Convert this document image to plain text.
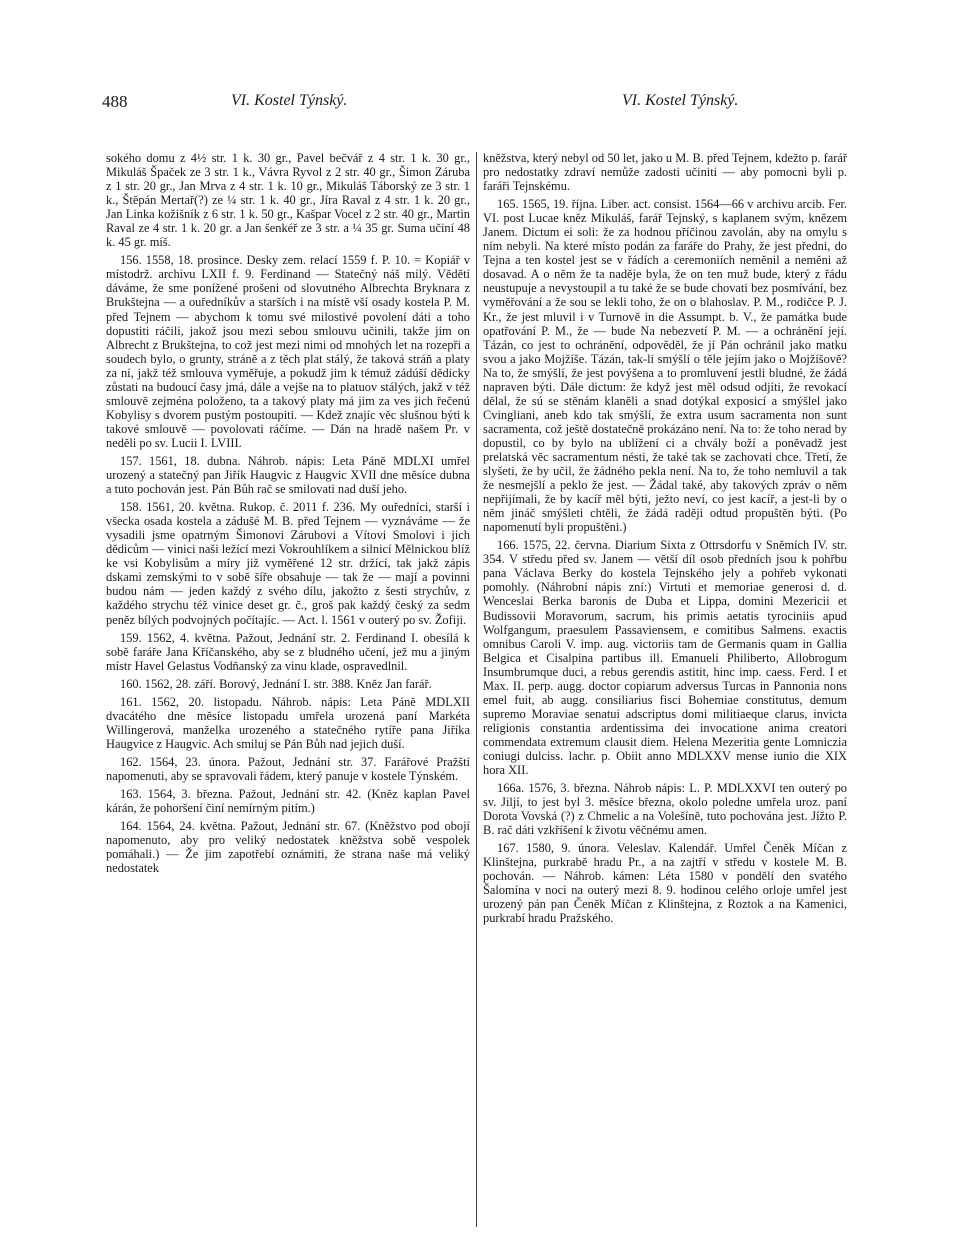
488	VI. Kostel Týnský.	VI. Kostel Týnský.

sokého domu z 4½ str. 1 k. 30 gr., Pavel bečvář z 4 str. 1 k. 30 gr., Mikuláš Špaček ze 3 str. 1 k., Vávra Ryvol z 2 str. 40 gr., Šimon Záruba z 1 str. 20 gr., Jan Mrva z 4 str. 1 k. 10 gr., Mikuláš Táborský ze 3 str. 1 k., Štěpán Mertař(?) ze ¼ str. 1 k. 40 gr., Jíra Raval z 4 str. 1 k. 20 gr., Jan Linka kožišník z 6 str. 1 k. 50 gr., Kašpar Vocel z 2 str. 40 gr., Martin Raval ze 4 str. 1 k. 20 gr. a Jan šenkéř ze 3 str. a ¼ 35 gr. Suma učiní 48 k. 45 gr. míš.

156. 1558, 18. prosince. Desky zem. relací 1559 f. P. 10. = Kopiář v místodrž. archivu LXII f. 9. Ferdinand — Statečný náš milý. Vědětí dáváme, že sme ponížené prošeni od slovutného Albrechta Bryknara z Brukštejna — a ouředníkův a starších i na místě vší osady kostela P. M. před Tejnem — abychom k tomu své milostivé povolení dáti a toho dopustiti ráčili, jakož jsou mezi sebou smlouvu učinili, takže jim on Albrecht z Brukštejna, to což jest mezi nimi od mnohých let na rozepři a soudech bylo, o grunty, stráně a z těch plat stálý, že taková stráň a platy za ní, jakž též smlouva vyměřuje, a pokudž jim k témuž zádúší dědicky zůstati na budoucí časy jmá, dále a vejše na to platuov stálých, jakž v též smlouvě zejména položeno, ta a takový platy má jim za ves jich řečenú Kobylisy s dvorem pustým postoupiti. — Kdež znajíc věc slušnou býti k takové smlouvě — povolovati ráčíme. — Dán na hradě našem Pr. v neděli po sv. Lucii I. LVIII.

157. 1561, 18. dubna. Náhrob. nápis: Leta Páně MDLXI umřel urozený a statečný pan Jiřík Haugvic z Haugvic XVII dne měsíce dubna a tuto pochován jest. Pán Bůh rač se smilovati nad duší jeho.

158. 1561, 20. května. Rukop. č. 2011 f. 236. My ouředníci, starší i všecka osada kostela a zádušé M. B. před Tejnem — vyznáváme — že vysadili jsme opatrným Šimonovi Zárubovi a Vítovi Smolovi i jich dědicům — vinici naši ležící mezi Vokrouhlíkem a silnicí Mělnickou blíž ke vsi Kobylisům a míry již vyměřené 12 str. držící, tak jakž zápis dskami zemskými to v sobě šíře obsahuje — tak že — mají a povinni budou nám — jeden každý z svého dílu, jakožto z šesti strychův, z každého strychu též vinice deset gr. č., groš pak každý český za sedm peněz bílých podvojných počítajíc. — Act. l. 1561 v outerý po sv. Žofiji.

159. 1562, 4. května. Pažout, Jednání str. 2. Ferdinand I. obesílá k sobě faráře Jana Kříčanského, aby se z bludného učení, jež mu a jiným místr Havel Gelastus Vodňanský za vinu klade, ospravedlnil.

160. 1562, 28. září. Borový, Jednání I. str. 388. Kněz Jan farář.

161. 1562, 20. listopadu. Náhrob. nápis: Leta Páně MDLXII dvacátého dne měsíce listopadu umřela urozená paní Markéta Willingerová, manželka urozeného a statečného rytíře pana Jiříka Haugvice z Haugvic. Ach smiluj se Pán Bůh nad jejich duší.

162. 1564, 23. února. Pažout, Jednání str. 37. Farářové Pražští napomenuti, aby se spravovali řádem, který panuje v kostele Týnském.

163. 1564, 3. března. Pažout, Jednání str. 42. (Kněz kaplan Pavel kárán, že pohoršení činí nemírným pitím.)

164. 1564, 24. května. Pažout, Jednání str. 67. (Kněžstvo pod obojí napomenuto, aby pro veliký nedostatek kněžstva sobě vespolek pomáhali.) — Že jim zapotřebí oznámiti, že strana naše má veliký nedostatek

kněžstva, který nebyl od 50 let, jako u M. B. před Tejnem, kdežto p. farář pro nedostatky zdraví nemůže zadosti učiniti — aby pomocni byli p. faráři Tejnskému.

165. 1565, 19. října. Liber. act. consist. 1564—66 v archivu arcib. Fer. VI. post Lucae kněz Mikuláš, farář Tejnský, s kaplanem svým, knězem Janem. Dictum ei soli: že za hodnou příčinou zavolán, aby na omylu s ním nebyli. Na které místo podán za faráře do Prahy, že jest předni, do Tejna a ten kostel jest se v řádích a ceremoniích neměnil a neměni až dosavad. A o něm že ta naděje byla, že on ten muž bude, který z řádu neustupuje a nevystoupil a tu také že se bude chovati bez posmívání, bez vyměřování a že sou se lekli toho, že on o blahoslav. P. M., rodičce P. J. Kr., že jest mluvil i v Turnově in die Assumpt. b. V., že památka bude opatřování P. M., že — bude Na nebezvetí P. M. — a ochránění její. Tázán, co jest to ochránění, odpověděl, že jí Pán ochránil jako matku svou a jako Mojžíše. Tázán, tak-li smýšlí o těle jejím jako o Mojžíšově? Na to, že smýšlí, že jest povýšena a to promluvení jestli bludné, že žádá napraven býti. Dále dictum: že když jest měl odsud odjíti, že revokací dělal, že sú se stěnám klaněli a snad dotýkal exposicí a smýšlel jako Cvingliani, aneb kdo tak smýšlí, že extra usum sacramenta non sunt sacramenta, což ještě dostatečně prokázáno není. Na to: že toho nerad by dopustil, co by bylo na ublížení ci a chvály boží a poněvadž jest prelatská věc sacramentum nésti, že také tak se zachovati chce. Třetí, že slyšeti, že by učil, že žádného pekla není. Na to, že toho nemluvil a tak že nesmejšlí a peklo že jest. — Žádal také, aby takových zpráv o něm nepřijímali, že by kacíř měl býti, ježto neví, co jest kacíř, a jest-li by o něm jináč smýšleti chtěli, že žádá raději odtud propuštěn býti. (Po napomenutí byli propuštěni.)

166. 1575, 22. června. Diarium Sixta z Ottrsdorfu v Sněmích IV. str. 354. V středu před sv. Janem — větší díl osob předních jsou k pohřbu pana Václava Berky do kostela Tejnského jely a pohřeb vykonati pomohly. (Náhrobní nápis zní:) Virtuti et memoriae generosi d. d. Wenceslai Berka baronis de Duba et Lippa, domini Mezericii et Budissovii Moravorum, sacrum, his primis aetatis tyrociniis apud Wolfgangum, praesulem Passaviensem, e comitibus Salmens. exactis omnibus Caroli V. imp. aug. victoriis tam de Germanis quam in Gallia Belgica et Cisalpina partibus ill. Emanueli Philiberto, Allobrogum Insumbrumque duci, a rebus gerendis astitit, hinc imp. caess. Ferd. I et Max. II. perp. augg. doctor copiarum adversus Turcas in Pannonia nons emel fuit, ab augg. consiliarius fisci Bohemiae constitutus, demum supremo Moraviae senatui adscriptus domi militiaeque clarus, invicta religionis constantia ardentissima dei invocatione anima creatori commendata extremum clausit diem. Helena Mezeritia gente Lomniczia coniugi dulciss. lachr. p. Obiit anno MDLXXV mense iunio die XIX hora XII.

166a. 1576, 3. března. Náhrob nápis: L. P. MDLXXVI ten outerý po sv. Jiljí, to jest byl 3. měsíce března, okolo poledne umřela uroz. paní Dorota Vovská (?) z Chmelic a na Volešíně, tuto pochována jest. Jížto P. B. rač dáti vzkříšení k životu věčnému amen.

167. 1580, 9. února. Veleslav. Kalendář. Umřel Čeněk Míčan z Klinštejna, purkrabě hradu Pr., a na zajtří v středu v kostele M. B. pochován. — Náhrob. kámen: Léta 1580 v pondělí den svatého Šalomína v noci na outerý mezi 8. 9. hodinou celého orloje umřel jest urozený pán pan Čeněk Míčan z Klinštejna, z Roztok a na Kamenici, purkrabí hradu Pražského.
